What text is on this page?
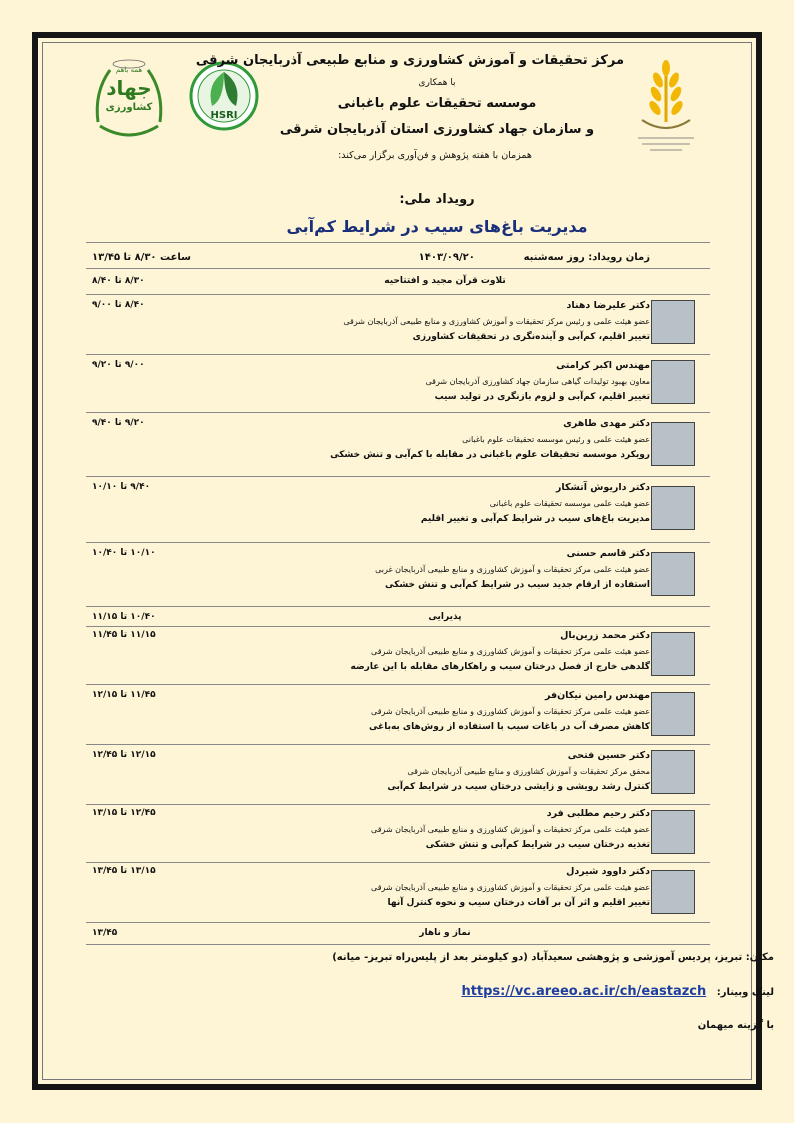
همه باهم
جهاد
کشاورزی
HSRI
مرکز تحقیقات و آموزش کشاورزی و منابع طبیعی آذربایجان شرقی
با همکاری
موسسه تحقیقات علوم باغبانی
و سازمان جهاد کشاورزی استان آذربایجان شرقی
همزمان با هفته پژوهش و فن‌آوری برگزار می‌کند:
رویداد ملی:
مدیریت باغ‌های سیب در شرایط کم‌آبی
زمان رویداد: روز سه‌شنبه              ۱۴۰۳/۰۹/۲۰
ساعت ۸/۳۰ تا ۱۳/۴۵
۸/۳۰ تا ۸/۴۰	تلاوت قرآن مجید و افتتاحیه
۸/۴۰ تا ۹/۰۰	دکتر علیرضا دهناد
عضو هیئت علمی و رئیس مرکز تحقیقات و آموزش کشاورزی و منابع طبیعی آذربایجان شرقی
تغییر اقلیم، کم‌آبی و آینده‌نگری در تحقیقات کشاورزی
۹/۰۰ تا ۹/۲۰	مهندس اکبر کرامتی
معاون بهبود تولیدات گیاهی سازمان جهاد کشاورزی آذربایجان شرقی
تغییر اقلیم، کم‌آبی و لزوم بازنگری در تولید سیب
۹/۲۰ تا ۹/۴۰	دکتر مهدی طاهری
عضو هیئت علمی و رئیس موسسه تحقیقات علوم باغبانی
رویکرد موسسه تحقیقات علوم باغبانی در مقابله با کم‌آبی و تنش خشکی
۹/۴۰ تا ۱۰/۱۰	دکتر داریوش آتشکار
عضو هیئت علمی موسسه تحقیقات علوم باغبانی
مدیریت باغ‌های سیب در شرایط کم‌آبی و تغییر اقلیم
۱۰/۱۰ تا ۱۰/۴۰	دکتر قاسم حسنی
عضو هیئت علمی مرکز تحقیقات و آموزش کشاورزی و منابع طبیعی آذربایجان غربی
استفاده از ارقام جدید سیب در شرایط کم‌آبی و تنش خشکی
۱۰/۴۰ تا ۱۱/۱۵	پذیرایی
۱۱/۱۵ تا ۱۱/۴۵	دکتر محمد زرین‌بال
عضو هیئت علمی مرکز تحقیقات و آموزش کشاورزی و منابع طبیعی آذربایجان شرقی
گلدهی خارج از فصل درختان سیب و راهکارهای مقابله با این عارضه
۱۱/۴۵ تا ۱۲/۱۵	مهندس رامین نیکان‌فر
عضو هیئت علمی مرکز تحقیقات و آموزش کشاورزی و منابع طبیعی آذربایجان شرقی
کاهش مصرف آب در باغات سیب با استفاده از روش‌های به‌باغی
۱۲/۱۵ تا ۱۲/۴۵	دکتر حسین فتحی
محقق مرکز تحقیقات و آموزش کشاورزی و منابع طبیعی آذربایجان شرقی
کنترل رشد رویشی و زایشی درختان سیب در شرایط کم‌آبی
۱۲/۴۵ تا ۱۳/۱۵	دکتر رحیم مطلبی فرد
عضو هیئت علمی مرکز تحقیقات و آموزش کشاورزی و منابع طبیعی آذربایجان شرقی
تغذیه درختان سیب در شرایط کم‌آبی و تنش خشکی
۱۳/۱۵ تا ۱۳/۴۵	دکتر داوود شیردل
عضو هیئت علمی مرکز تحقیقات و آموزش کشاورزی و منابع طبیعی آذربایجان شرقی
تغییر اقلیم و اثر آن بر آفات درختان سیب و نحوه کنترل آنها
۱۳/۴۵	نماز و ناهار
مکان: تبریز، پردیس آموزشی و پژوهشی سعیدآباد (دو کیلومتر بعد از پلیس‌راه تبریز- میانه)
لینک وبینار:   https://vc.areeo.ac.ir/ch/eastazch
با گزینه میهمان
